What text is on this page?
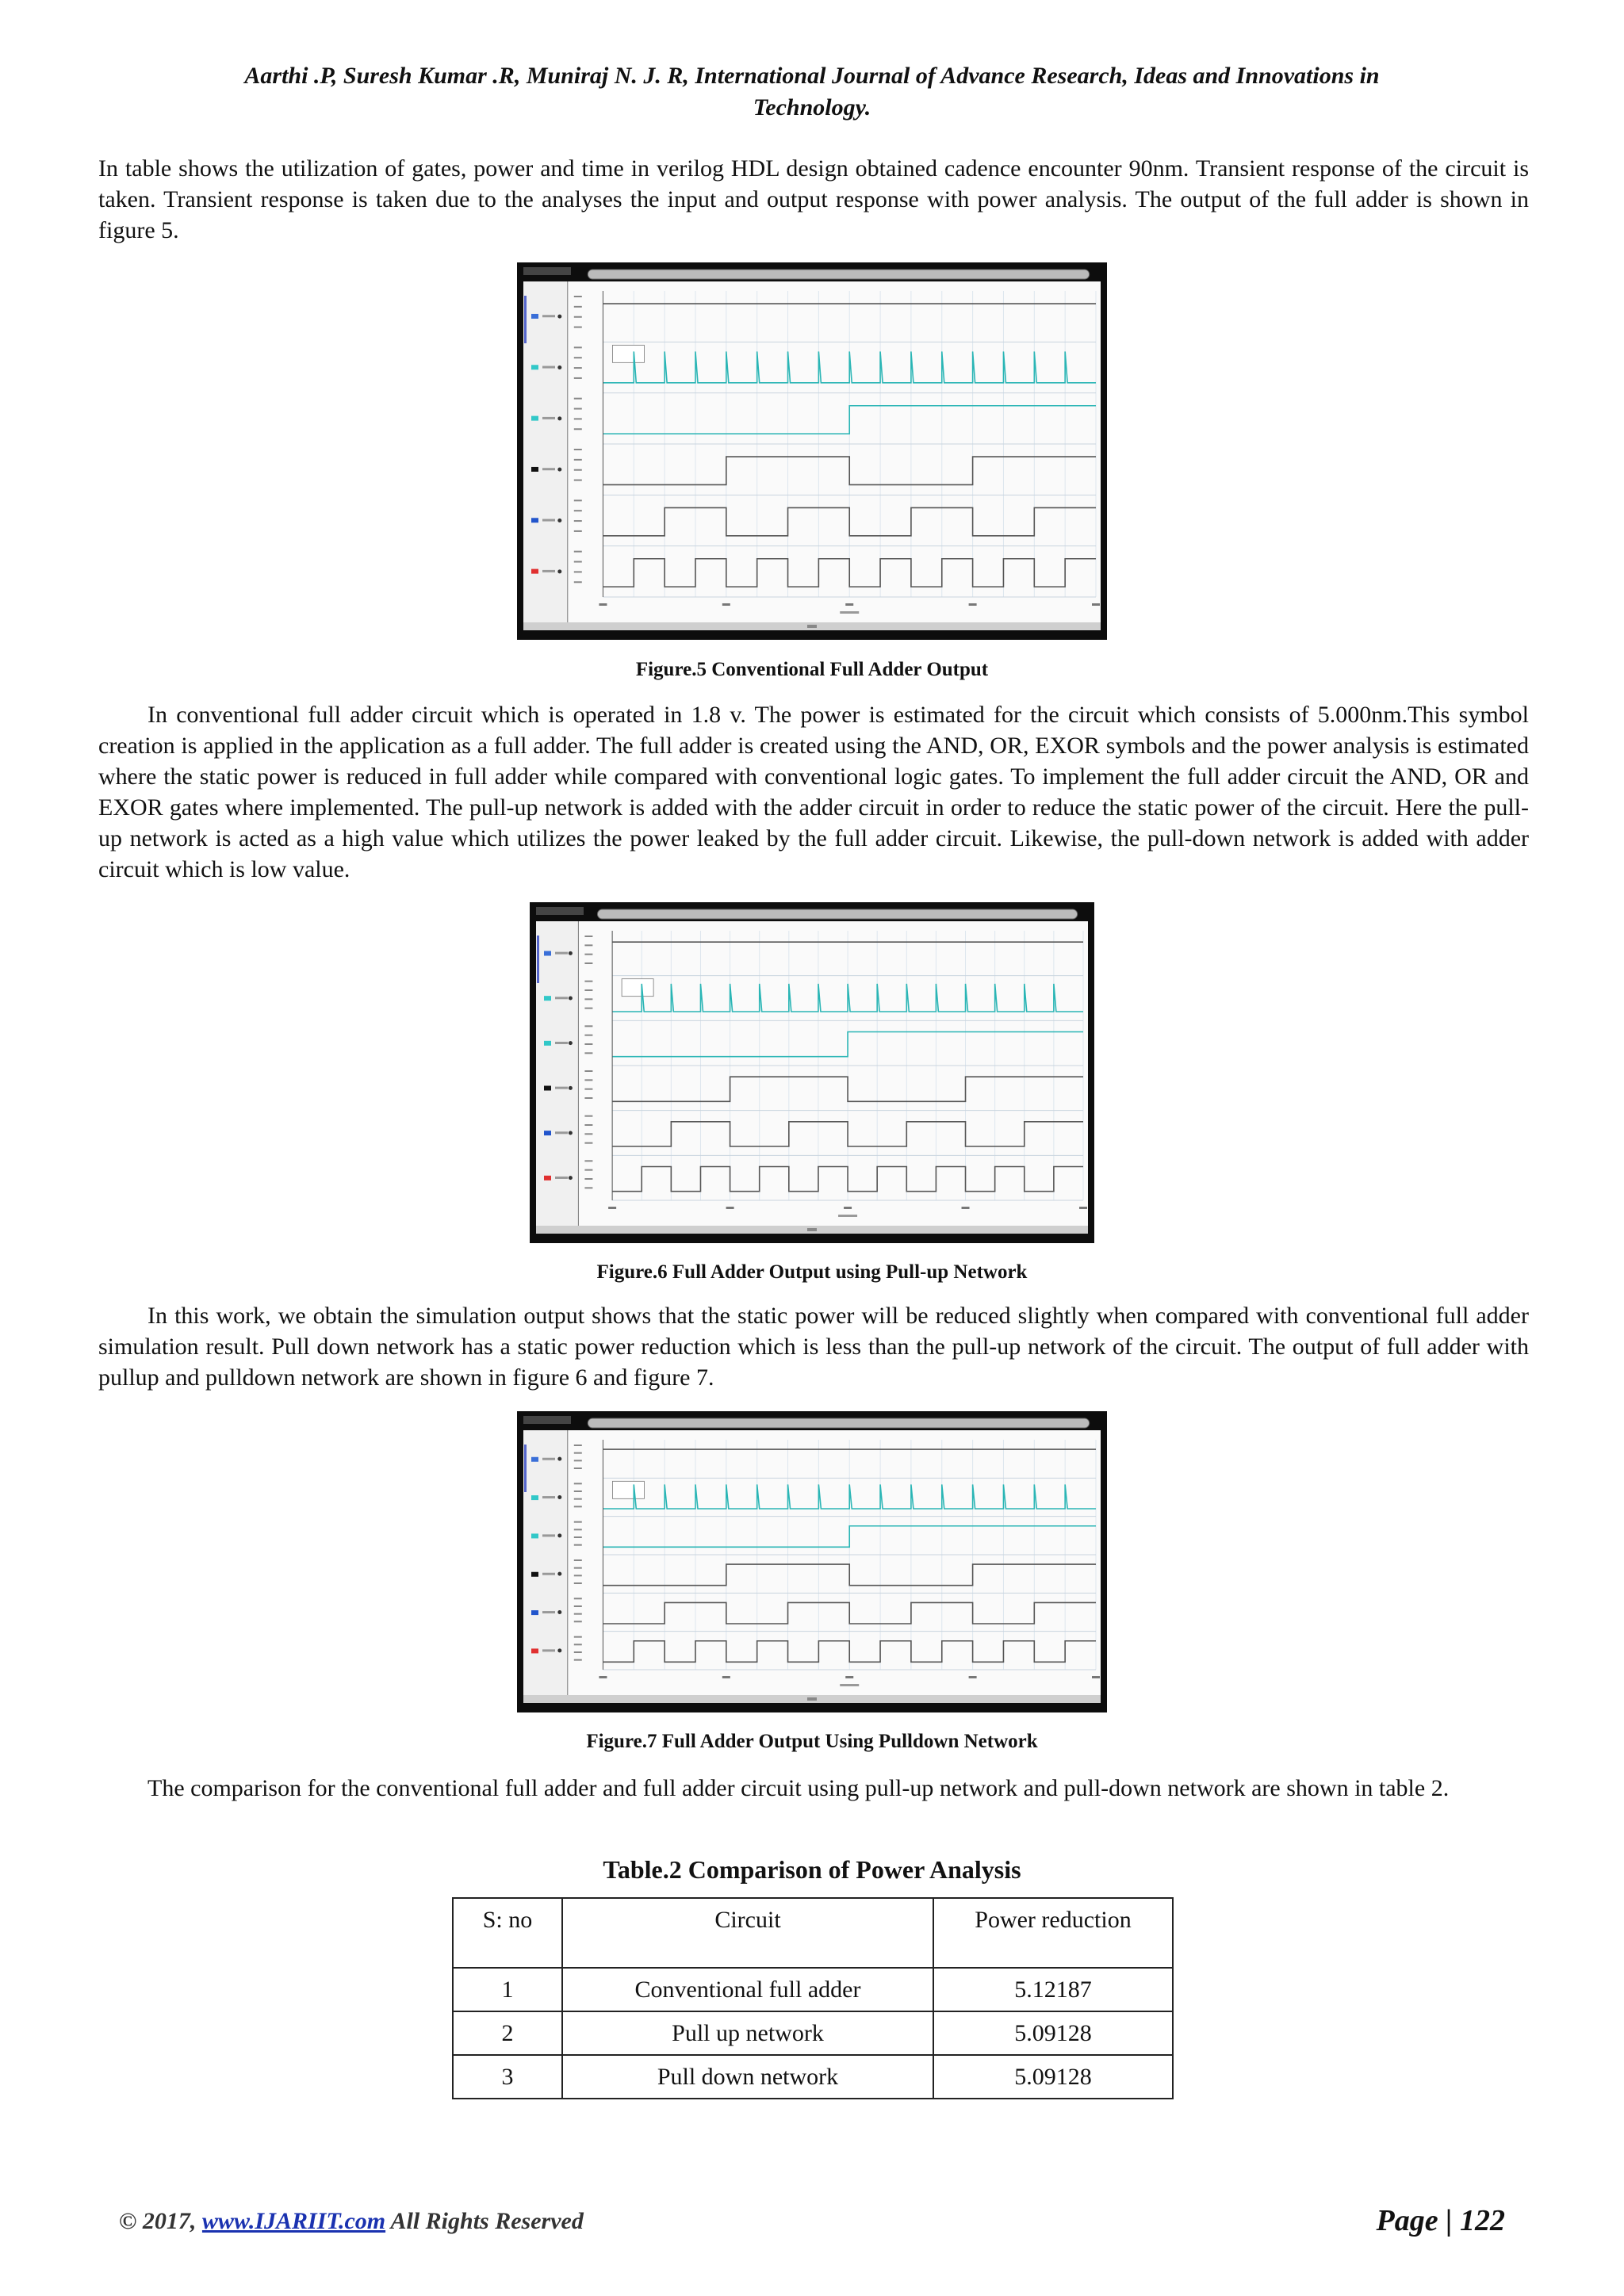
Aarthi .P, Suresh Kumar .R, Muniraj N. J. R, International Journal of Advance Research, Ideas and Innovations in
Technology.

In table shows the utilization of gates, power and time in verilog HDL design obtained cadence encounter 90nm. Transient response of the circuit is taken. Transient response is taken due to the analyses the input and output response with power analysis. The output of the full adder is shown in figure 5.

Figure.5 Conventional Full Adder Output

In conventional full adder circuit which is operated in 1.8 v. The power is estimated for the circuit which consists of 5.000nm.This symbol creation is applied in the application as a full adder. The full adder is created using the AND, OR, EXOR symbols and the power analysis is estimated where the static power is reduced in full adder while compared with conventional logic gates. To implement the full adder circuit the AND, OR and EXOR gates where implemented. The pull-up network is added with the adder circuit in order to reduce the static power of the circuit. Here the pull-up network is acted as a high value which utilizes the power leaked by the full adder circuit. Likewise, the pull-down network is added with adder circuit which is low value.

Figure.6 Full Adder Output using Pull-up Network

In this work, we obtain the simulation output shows that the static power will be reduced slightly when compared with conventional full adder simulation result. Pull down network has a static power reduction which is less than the pull-up network of the circuit. The output of full adder with pullup and pulldown network are shown in figure 6 and figure 7.

Figure.7 Full Adder Output Using Pulldown Network

The comparison for the conventional full adder and full adder circuit using pull-up network and pull-down network are shown in table 2.

Table.2 Comparison of Power Analysis
S: no	Circuit	Power reduction
1	Conventional full adder	5.12187
2	Pull up network	5.09128
3	Pull down network	5.09128
© 2017, www.IJARIIT.com All Rights Reserved	Page | 122
